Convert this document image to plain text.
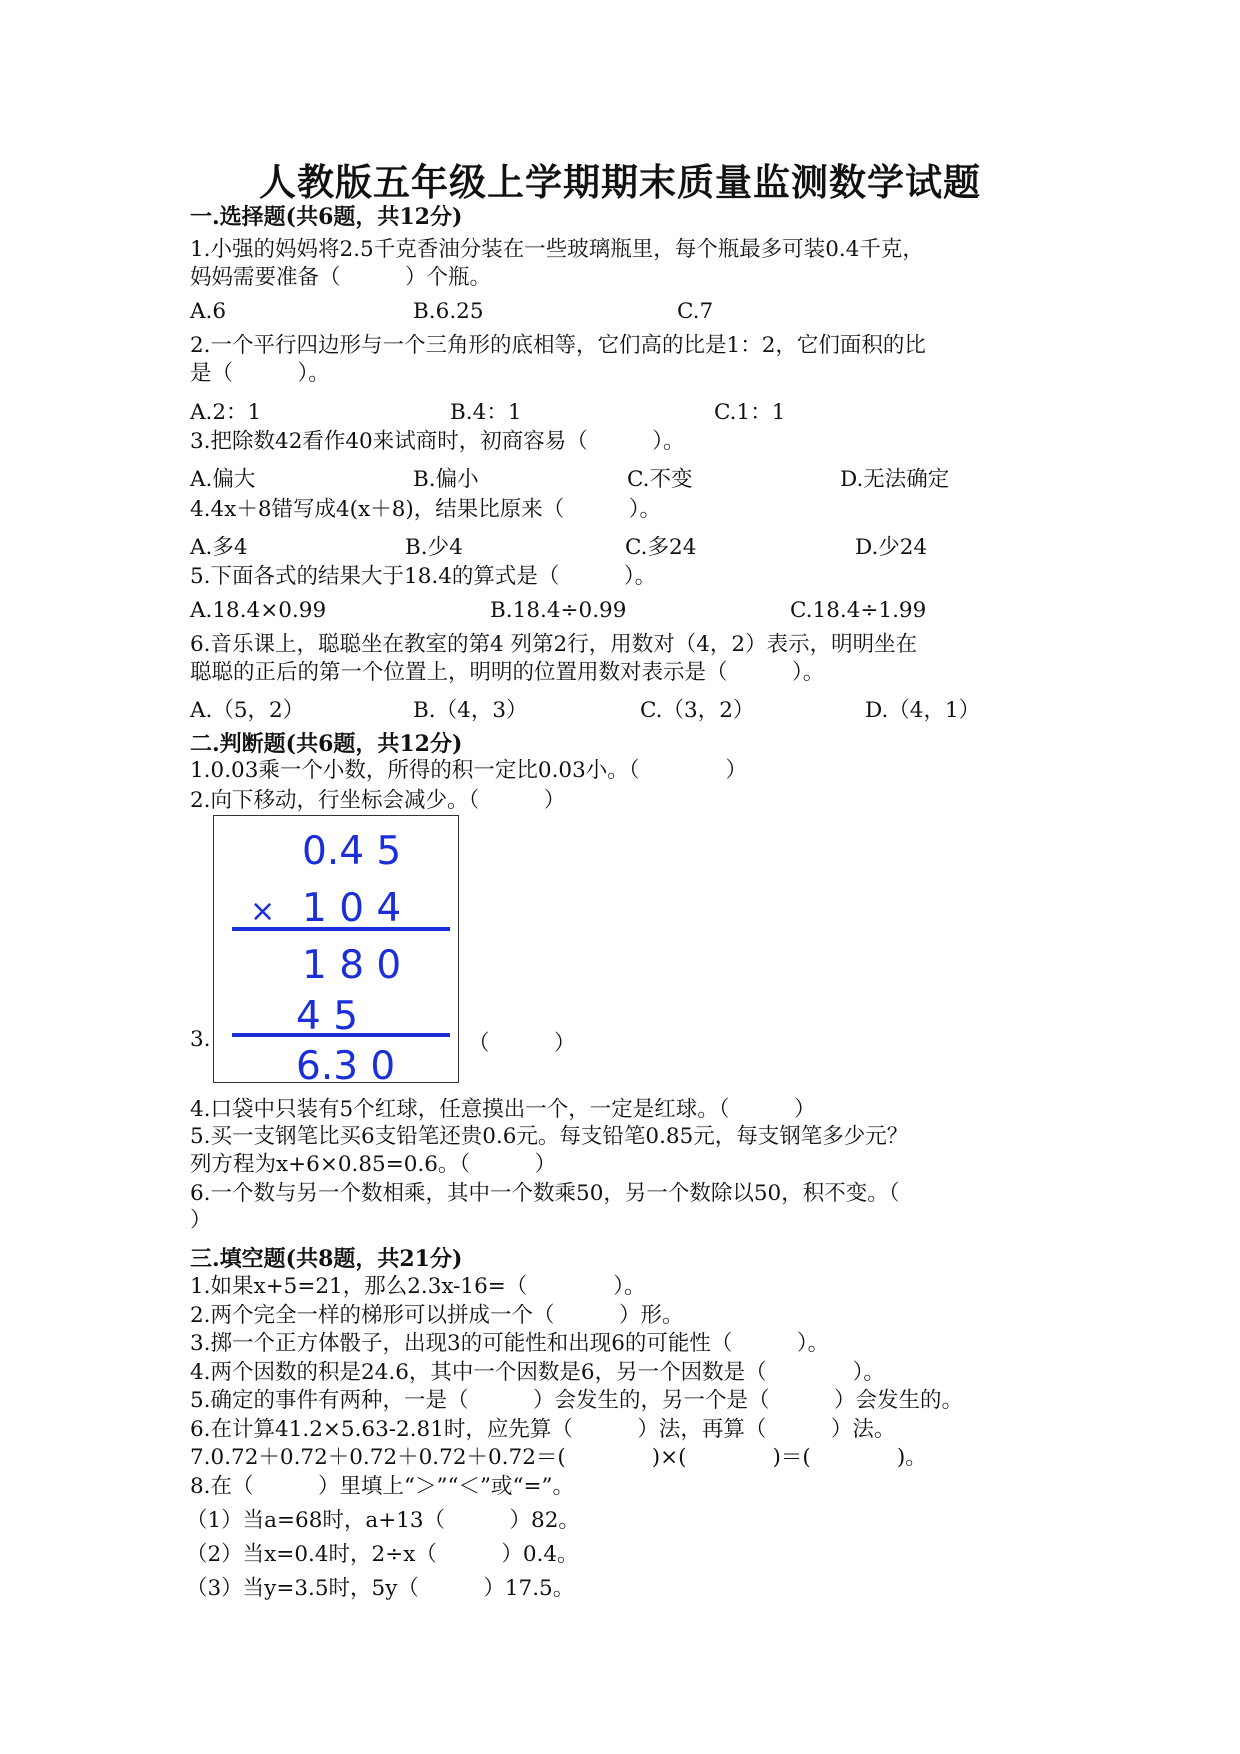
人教版五年级上学期期末质量监测数学试题
一.选择题(共6题，共12分)
1.小强的妈妈将2.5千克香油分装在一些玻璃瓶里，每个瓶最多可装0.4千克，
妈妈需要准备（　　　）个瓶。
A.6	B.6.25	C.7
2.一个平行四边形与一个三角形的底相等，它们高的比是1：2，它们面积的比
是（　　　）。
A.2：1	B.4：1	C.1：1
3.把除数42看作40来试商时，初商容易（　　　）。
A.偏大	B.偏小	C.不变	D.无法确定
4.4x＋8错写成4(x＋8)，结果比原来（　　　）。
A.多4	B.少4	C.多24	D.少24
5.下面各式的结果大于18.4的算式是（　　　）。
A.18.4×0.99	B.18.4÷0.99	C.18.4÷1.99
6.音乐课上，聪聪坐在教室的第4 列第2行，用数对（4，2）表示，明明坐在
聪聪的正后的第一个位置上，明明的位置用数对表示是（　　　）。
A.（5，2）	B.（4，3）	C.（3，2）	D.（4，1）
二.判断题(共6题，共12分)
1.0.03乘一个小数，所得的积一定比0.03小。（　　　　）
2.向下移动，行坐标会减少。（　　　）
3.
0.4 5
× 1 0 4
1 8 0
4 5
6.3 0
（　　　）
4.口袋中只装有5个红球，任意摸出一个，一定是红球。（　　　）
5.买一支钢笔比买6支铅笔还贵0.6元。每支铅笔0.85元，每支钢笔多少元？
列方程为x+6×0.85=0.6。（　　　）
6.一个数与另一个数相乘，其中一个数乘50，另一个数除以50，积不变。（
）
三.填空题(共8题，共21分)
1.如果x+5=21，那么2.3x-16=（　　　　）。
2.两个完全一样的梯形可以拼成一个（　　　）形。
3.掷一个正方体骰子，出现3的可能性和出现6的可能性（　　　）。
4.两个因数的积是24.6，其中一个因数是6，另一个因数是（　　　　）。
5.确定的事件有两种，一是（　　　）会发生的，另一个是（　　　）会发生的。
6.在计算41.2×5.63-2.81时，应先算（　　　）法，再算（　　　）法。
7.0.72＋0.72＋0.72＋0.72＋0.72＝(　　　　)×(　　　　)＝(　　　　)。
8.在（　　　）里填上“＞”“＜”或“=”。
（1）当a=68时，a+13（　　　）82。
（2）当x=0.4时，2÷x（　　　）0.4。
（3）当y=3.5时，5y（　　　）17.5。
